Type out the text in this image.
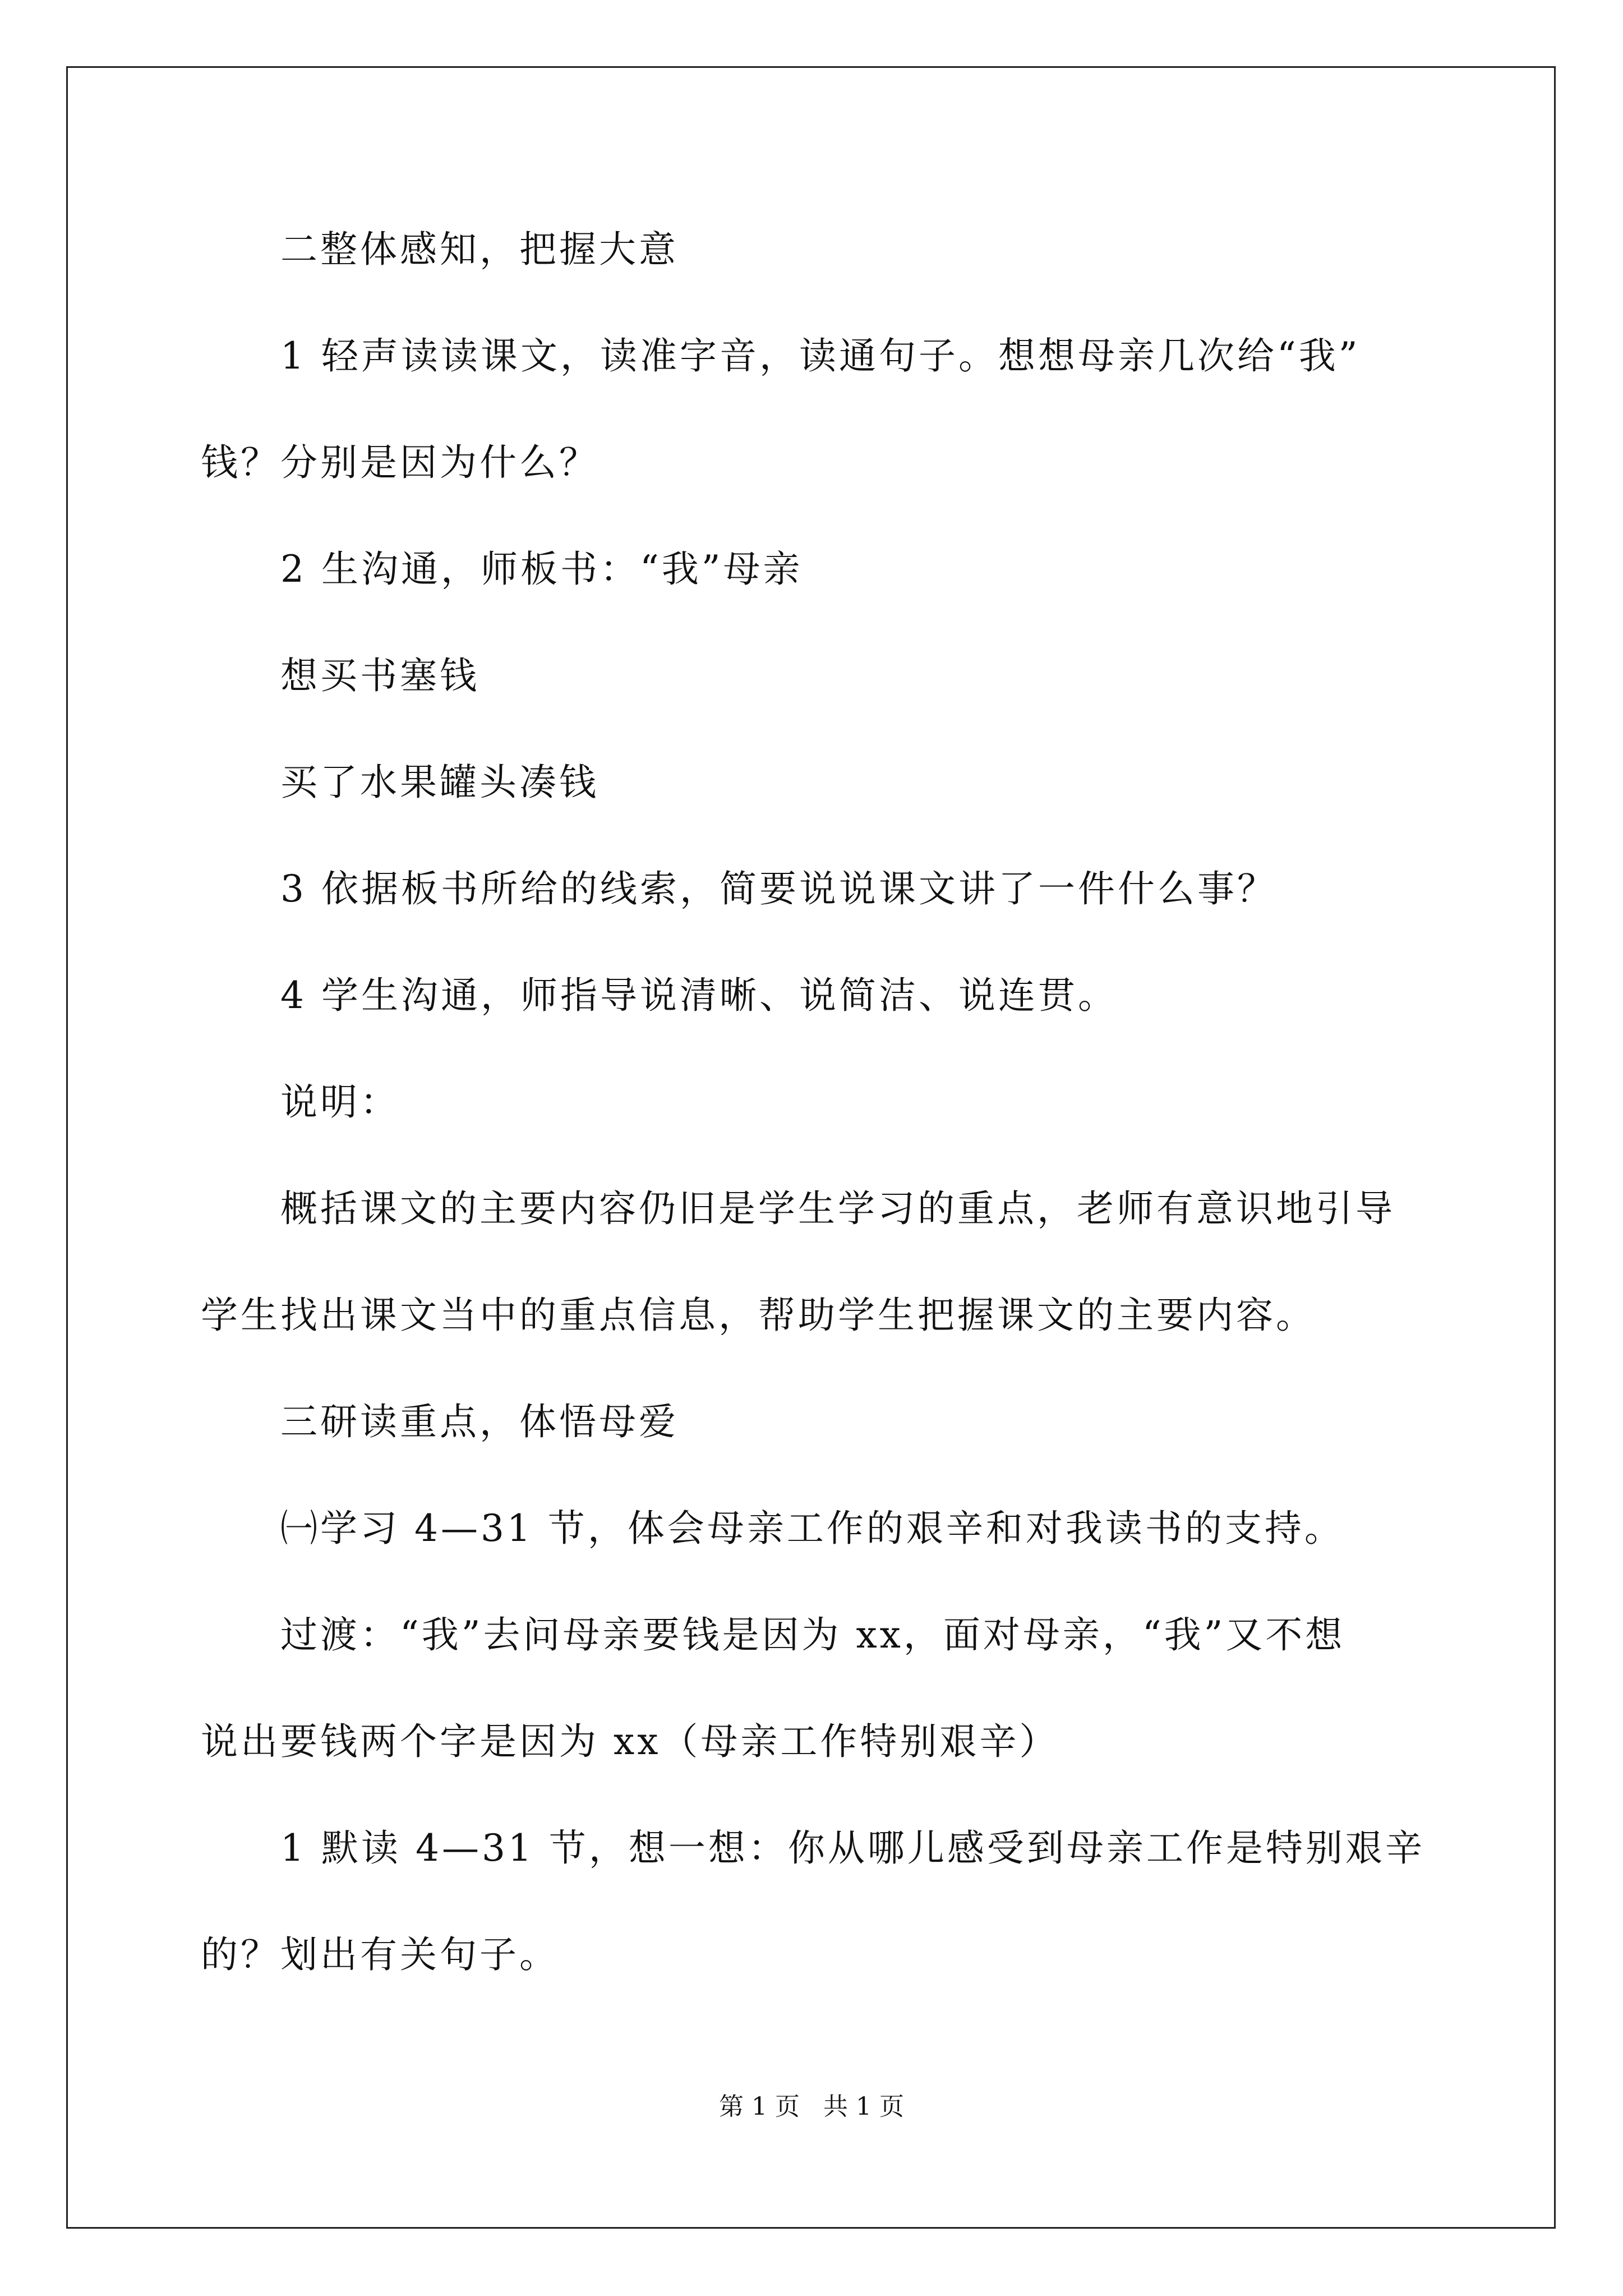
二整体感知，把握大意
1 轻声读读课文，读准字音，读通句子。想想母亲几次给“我”
钱？分别是因为什么？
2 生沟通，师板书：“我”母亲
想买书塞钱
买了水果罐头凑钱
3 依据板书所给的线索，简要说说课文讲了一件什么事？
4 学生沟通，师指导说清晰、说简洁、说连贯。
说明：
概括课文的主要内容仍旧是学生学习的重点，老师有意识地引导
学生找出课文当中的重点信息，帮助学生把握课文的主要内容。
三研读重点，体悟母爱
㈠学习 4—31 节，体会母亲工作的艰辛和对我读书的支持。
过渡：“我”去问母亲要钱是因为 xx，面对母亲，“我”又不想
说出要钱两个字是因为 xx（母亲工作特别艰辛）
1 默读 4—31 节，想一想：你从哪儿感受到母亲工作是特别艰辛
的？划出有关句子。
第 1 页   共 1 页
